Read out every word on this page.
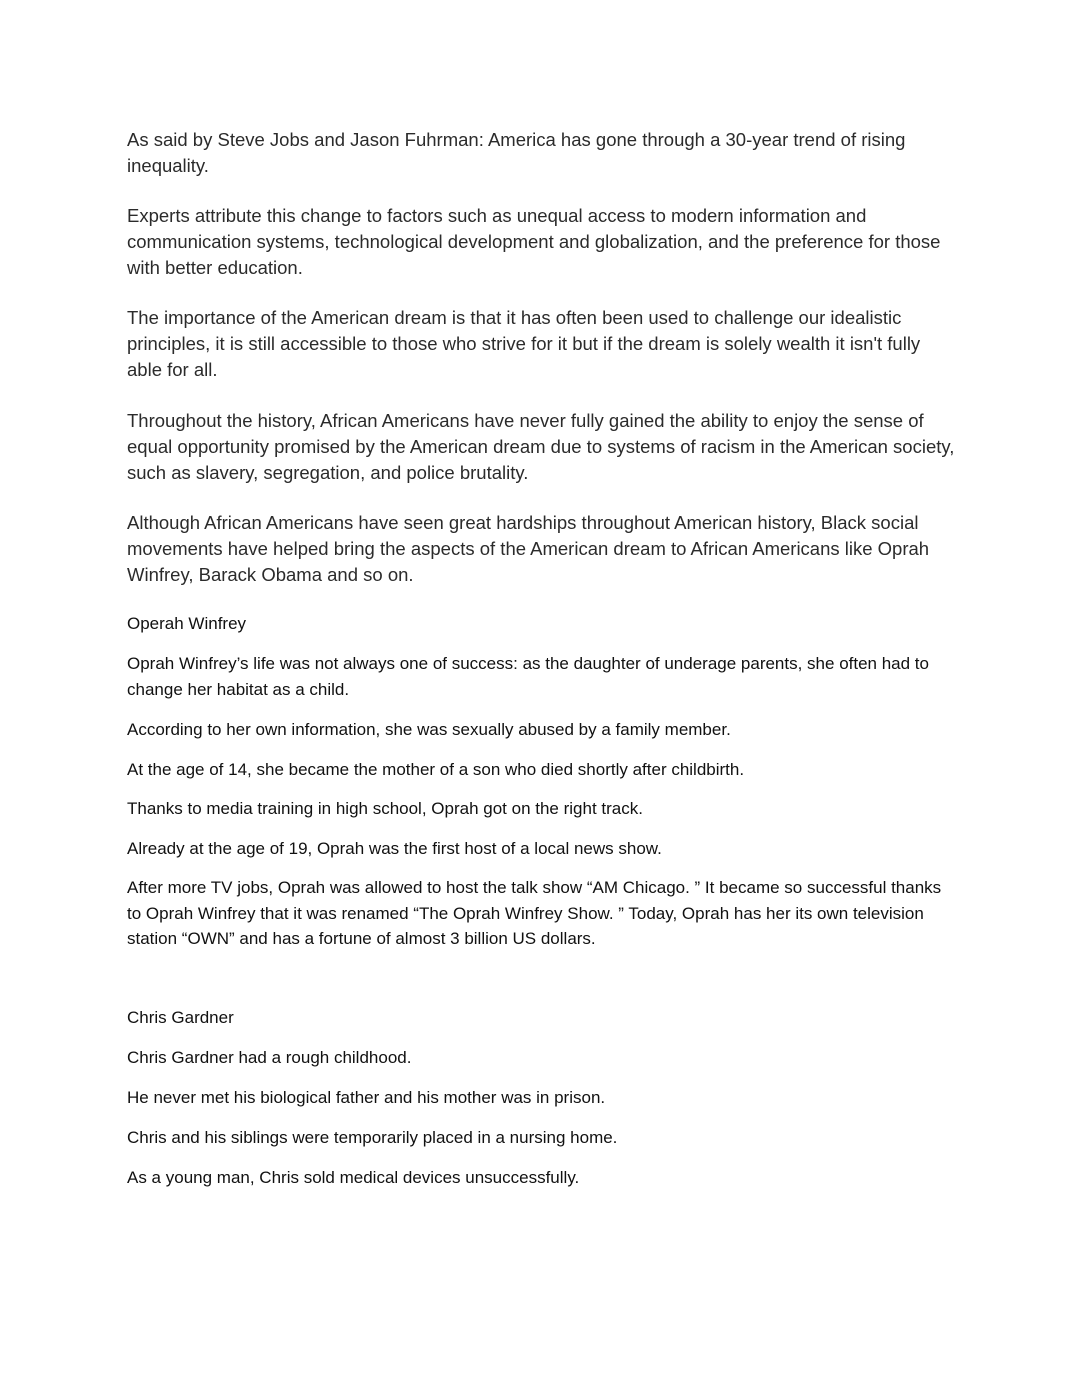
As said by Steve Jobs and Jason Fuhrman: America has gone through a 30-year trend of rising inequality.

Experts attribute this change to factors such as unequal access to modern information and communication systems, technological development and globalization, and the preference for those with better education.

The importance of the American dream is that it has often been used to challenge our idealistic principles, it is still accessible to those who strive for it but if the dream is solely wealth it isn't fully able for all.

Throughout the history, African Americans have never fully gained the ability to enjoy the sense of equal opportunity promised by the American dream due to systems of racism in the American society, such as slavery, segregation, and police brutality.

Although African Americans have seen great hardships throughout American history, Black social movements have helped bring the aspects of the American dream to African Americans like Oprah Winfrey, Barack Obama and so on.

Operah Winfrey

Oprah Winfrey’s life was not always one of success: as the daughter of underage parents, she often had to change her habitat as a child.

According to her own information, she was sexually abused by a family member.

At the age of 14, she became the mother of a son who died shortly after childbirth.

Thanks to media training in high school, Oprah got on the right track.

Already at the age of 19, Oprah was the first host of a local news show.

After more TV jobs, Oprah was allowed to host the talk show “AM Chicago. ” It became so successful thanks to Oprah Winfrey that it was renamed “The Oprah Winfrey Show. ” Today, Oprah has her its own television station “OWN” and has a fortune of almost 3 billion US dollars.

Chris Gardner

Chris Gardner had a rough childhood.

He never met his biological father and his mother was in prison.

Chris and his siblings were temporarily placed in a nursing home.

As a young man, Chris sold medical devices unsuccessfully.
